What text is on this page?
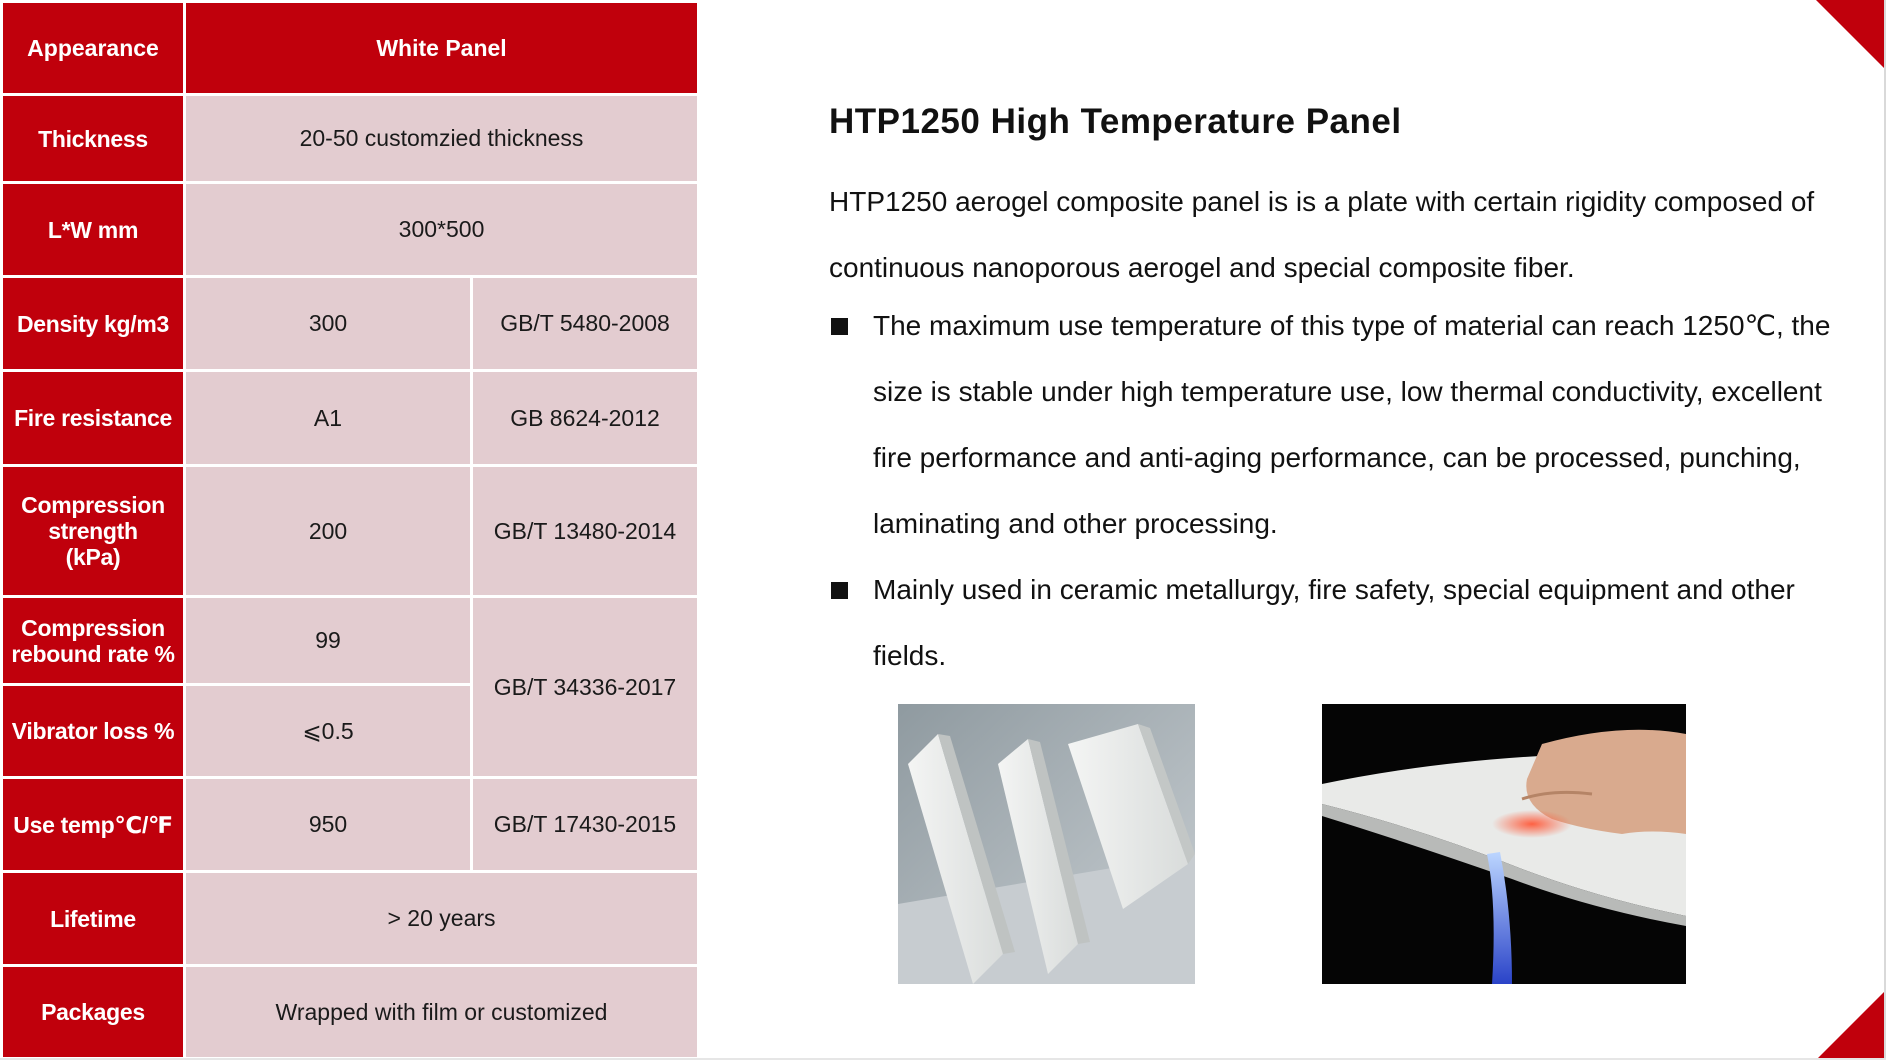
Appearance	White Panel	
Thickness	20-50 customzied thickness	
L*W mm	300*500	
Density kg/m3	300	GB/T 5480-2008
Fire resistance	A1	GB 8624-2012
Compression
strength
(kPa)	200	GB/T 13480-2014
Compression
rebound rate %	99	GB/T 34336-2017
Vibrator loss %	⩽0.5	
Use temp℃/℉	950	GB/T 17430-2015
Lifetime	> 20 years	
Packages	Wrapped with film or customized	
HTP1250 High Temperature Panel

HTP1250 aerogel composite panel is is a plate with certain rigidity composed of continuous nanoporous aerogel and special composite fiber.

The maximum use temperature of this type of material can reach 1250℃, the size is stable under high temperature use, low thermal conductivity, excellent fire performance and anti-aging performance, can be processed, punching, laminating and other processing.
Mainly used in ceramic metallurgy, fire safety, special equipment and other fields.
